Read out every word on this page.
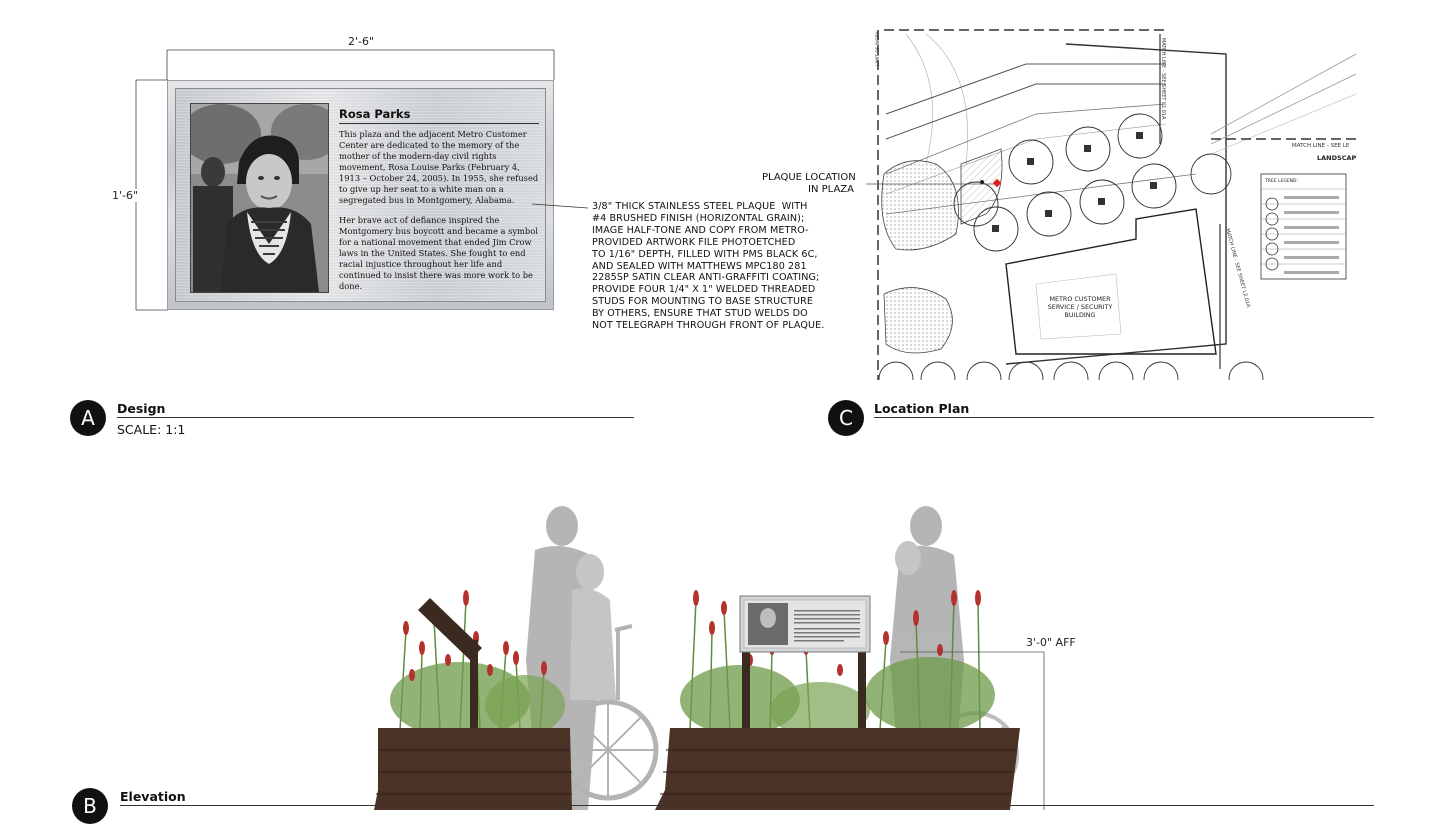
2'-6"
1'-6"
Rosa Parks

This plaza and the adjacent Metro Customer Center are dedicated to the memory of the mother of the modern-day civil rights movement, Rosa Louise Parks (February 4, 1913 – October 24, 2005). In 1955, she refused to give up her seat to a white man on a segregated bus in Montgomery, Alabama.

Her brave act of defiance inspired the Montgomery bus boycott and became a symbol for a national movement that ended Jim Crow laws in the United States. She fought to end racial injustice throughout her life and continued to insist there was more work to be done.

3/8" THICK STAINLESS STEEL PLAQUE  WITH
#4 BRUSHED FINISH (HORIZONTAL GRAIN);
IMAGE HALF-TONE AND COPY FROM METRO-
PROVIDED ARTWORK FILE PHOTOETCHED
TO 1/16" DEPTH, FILLED WITH PMS BLACK 6C,
AND SEALED WITH MATTHEWS MPC180 281
2285SP SATIN CLEAR ANTI-GRAFFITI COATING;
PROVIDE FOUR 1/4" X 1" WELDED THREADED
STUDS FOR MOUNTING TO BASE STRUCTURE
BY OTHERS, ENSURE THAT STUD WELDS DO
NOT TELEGRAPH THROUGH FRONT OF PLAQUE.
A	Design
SCALE: 1:1
PLAQUE LOCATION
IN PLAZA
LIMIT OF WORK	MATCH LINE - SEE SHEET L2.01A
MATCH LINE - SEE SHEET L2.01A
MATCH LINE - SEE LE
LANDSCAP
TREE LEGEND:
METRO CUSTOMER
SERVICE / SECURITY
BUILDING
C	Location Plan
3'-0" AFF
B	Elevation
